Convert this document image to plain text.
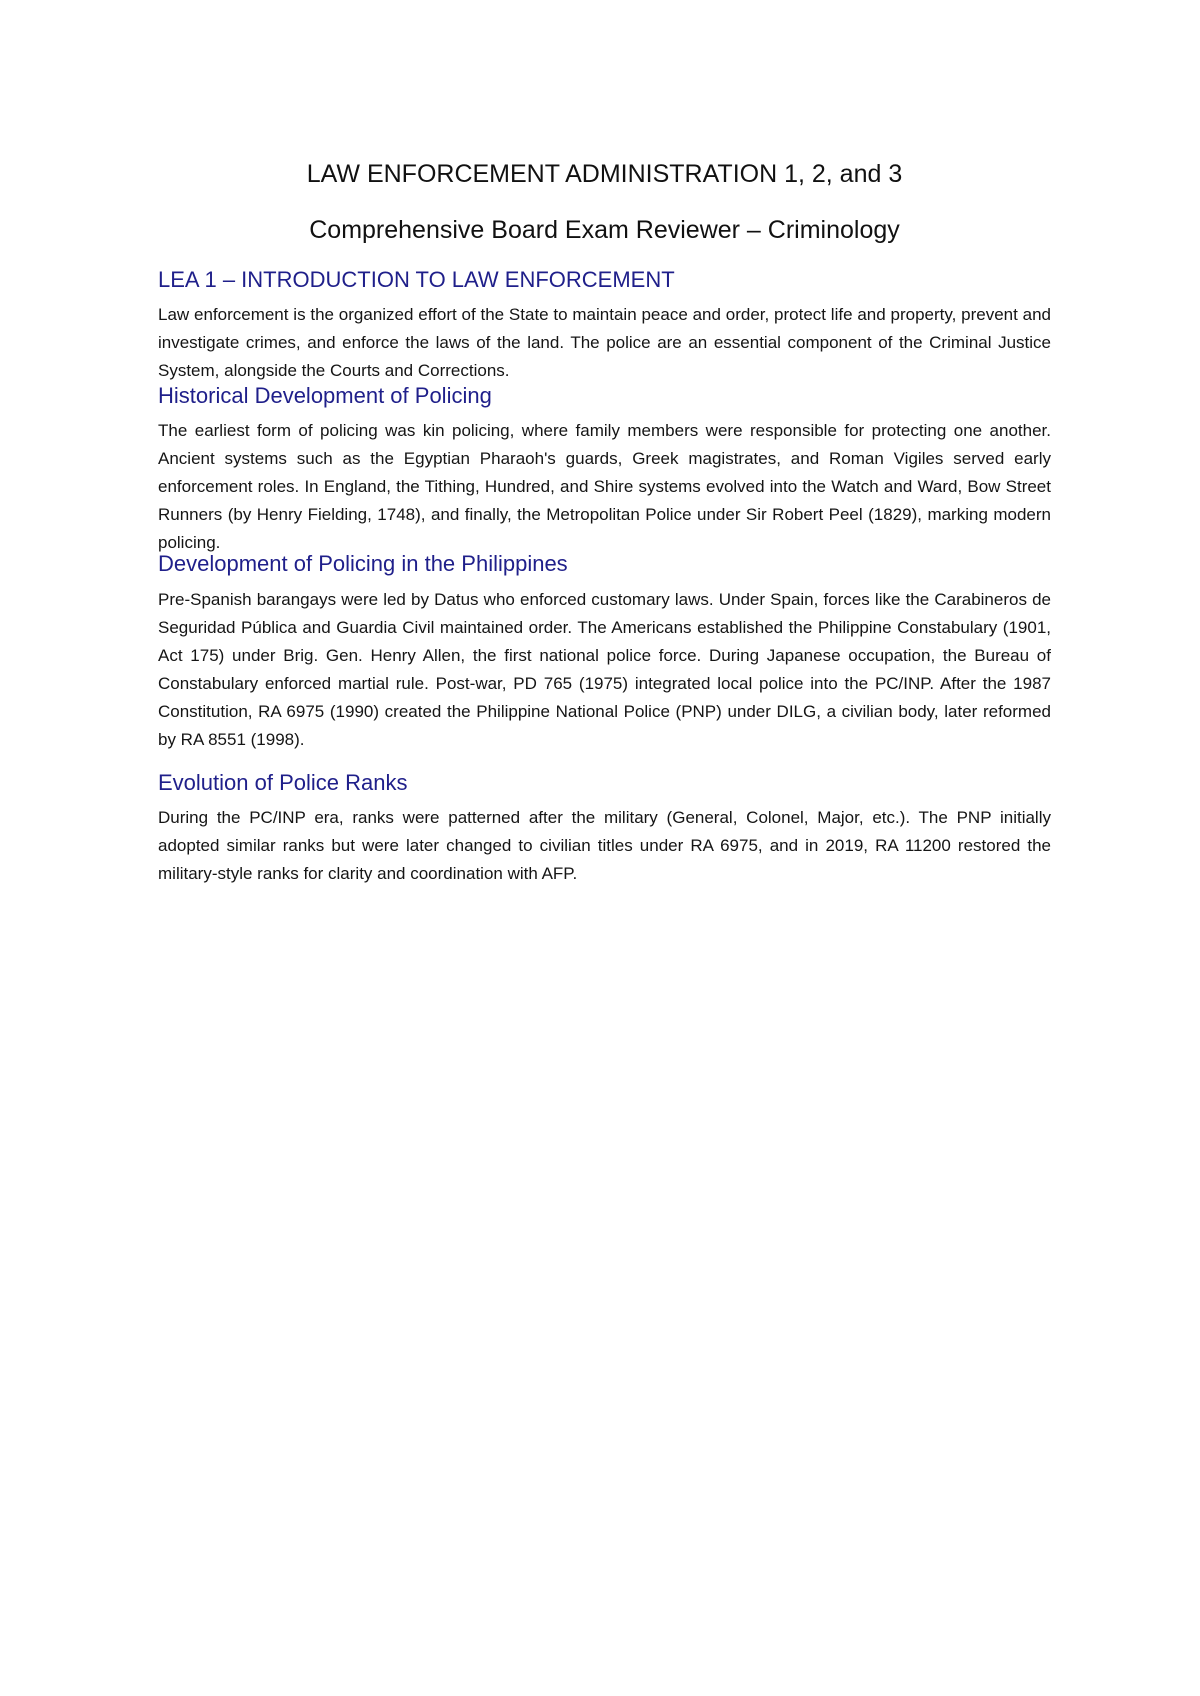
LAW ENFORCEMENT ADMINISTRATION 1, 2, and 3
Comprehensive Board Exam Reviewer – Criminology
LEA 1 – INTRODUCTION TO LAW ENFORCEMENT

Law enforcement is the organized effort of the State to maintain peace and order, protect life and property, prevent and investigate crimes, and enforce the laws of the land. The police are an essential component of the Criminal Justice System, alongside the Courts and Corrections.

Historical Development of Policing

The earliest form of policing was kin policing, where family members were responsible for protecting one another. Ancient systems such as the Egyptian Pharaoh's guards, Greek magistrates, and Roman Vigiles served early enforcement roles. In England, the Tithing, Hundred, and Shire systems evolved into the Watch and Ward, Bow Street Runners (by Henry Fielding, 1748), and finally, the Metropolitan Police under Sir Robert Peel (1829), marking modern policing.

Development of Policing in the Philippines

Pre-Spanish barangays were led by Datus who enforced customary laws. Under Spain, forces like the Carabineros de Seguridad Pública and Guardia Civil maintained order. The Americans established the Philippine Constabulary (1901, Act 175) under Brig. Gen. Henry Allen, the first national police force. During Japanese occupation, the Bureau of Constabulary enforced martial rule. Post-war, PD 765 (1975) integrated local police into the PC/INP. After the 1987 Constitution, RA 6975 (1990) created the Philippine National Police (PNP) under DILG, a civilian body, later reformed by RA 8551 (1998).

Evolution of Police Ranks

During the PC/INP era, ranks were patterned after the military (General, Colonel, Major, etc.). The PNP initially adopted similar ranks but were later changed to civilian titles under RA 6975, and in 2019, RA 11200 restored the military-style ranks for clarity and coordination with AFP.
